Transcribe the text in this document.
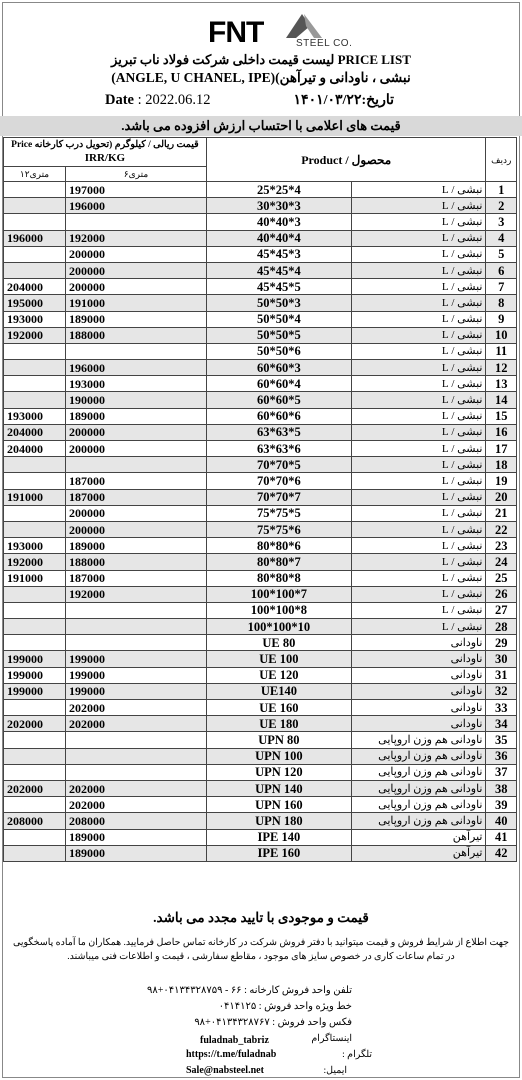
FNT	STEEL CO.
لیست قیمت داخلی شرکت فولاد ناب تبریز PRICE LIST
(ANGLE, U CHANEL, IPE)(نبشی ، ناودانی و تیرآهن
Date : 2022.06.12	تاریخ:۱۴۰۱/۰۳/۲۲
قیمت های اعلامی با احتساب ارزش افزوده می باشد.
قیمت ریالی / کیلوگرم (تحویل درب کارخانه Price
IRR/KG		Product / محصول		ردیف
۱۲متری	۶متری			
	197000	25*25*4	نبشی / L	1
	196000	30*30*3	نبشی / L	2
		40*40*3	نبشی / L	3
196000	192000	40*40*4	نبشی / L	4
	200000	45*45*3	نبشی / L	5
	200000	45*45*4	نبشی / L	6
204000	200000	45*45*5	نبشی / L	7
195000	191000	50*50*3	نبشی / L	8
193000	189000	50*50*4	نبشی / L	9
192000	188000	50*50*5	نبشی / L	10
		50*50*6	نبشی / L	11
	196000	60*60*3	نبشی / L	12
	193000	60*60*4	نبشی / L	13
	190000	60*60*5	نبشی / L	14
193000	189000	60*60*6	نبشی / L	15
204000	200000	63*63*5	نبشی / L	16
204000	200000	63*63*6	نبشی / L	17
		70*70*5	نبشی / L	18
	187000	70*70*6	نبشی / L	19
191000	187000	70*70*7	نبشی / L	20
	200000	75*75*5	نبشی / L	21
	200000	75*75*6	نبشی / L	22
193000	189000	80*80*6	نبشی / L	23
192000	188000	80*80*7	نبشی / L	24
191000	187000	80*80*8	نبشی / L	25
	192000	100*100*7	نبشی / L	26
		100*100*8	نبشی / L	27
		100*100*10	نبشی / L	28
		UE 80	ناودانی	29
199000	199000	UE 100	ناودانی	30
199000	199000	UE 120	ناودانی	31
199000	199000	UE140	ناودانی	32
	202000	UE 160	ناودانی	33
202000	202000	UE 180	ناودانی	34
		UPN 80	ناودانی هم وزن اروپایی	35
		UPN 100	ناودانی هم وزن اروپایی	36
		UPN 120	ناودانی هم وزن اروپایی	37
202000	202000	UPN 140	ناودانی هم وزن اروپایی	38
	202000	UPN 160	ناودانی هم وزن اروپایی	39
208000	208000	UPN 180	ناودانی هم وزن اروپایی	40
	189000	IPE 140	تیرآهن	41
	189000	IPE 160	تیرآهن	42
قیمت و موجودی با تایید مجدد می باشد.
جهت اطلاع از شرایط فروش و قیمت میتوانید با دفتر فروش شرکت در کارخانه تماس حاصل فرمایید. همکاران ما آماده پاسخگویی در تمام ساعات کاری در خصوص سایز های موجود ، مقاطع سفارشی ، قیمت و اطلاعات فنی میباشند.
تلفن واحد فروش کارخانه : ۶۶ - ۰۴۱۳۴۳۲۸۷۵۹+۹۸
خط ویژه واحد فروش : ۰۴۱۴۱۲۵
فکس واحد فروش : ۰۴۱۳۴۳۲۸۷۶۷+۹۸
اینستاگرام
fuladnab_tabriz
تلگرام :
https://t.me/fuladnab
ایمیل:
Sale@nabsteel.net
